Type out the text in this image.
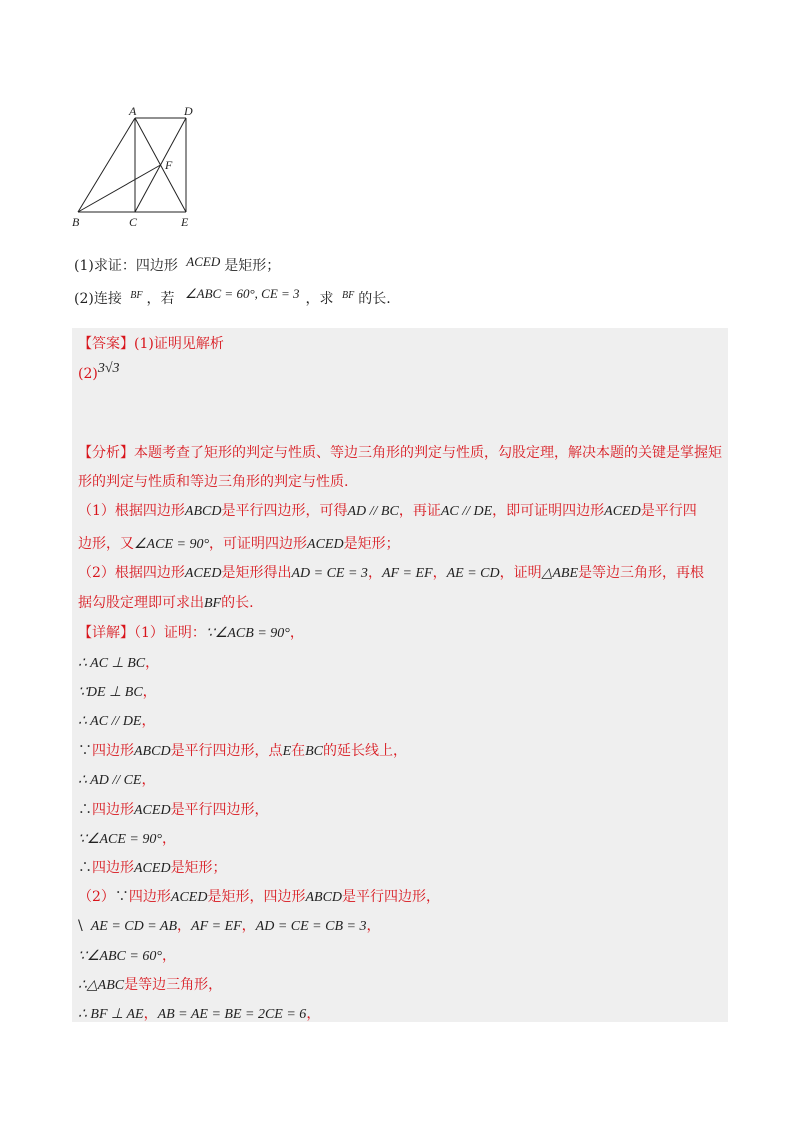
A	D
F
B	C	E
(1)求证：四边形 ACED 是矩形；
(2)连接 $^{BF}$ ，若 ∠ABC = 60°, CE = 3 ，求 $^{BF}$ 的长.
【答案】(1)证明见解析
(2)3√3
【分析】本题考查了矩形的判定与性质、等边三角形的判定与性质，勾股定理，解决本题的关键是掌握矩
形的判定与性质和等边三角形的判定与性质.
（1）根据四边形ABCD是平行四边形，可得AD // BC，再证AC // DE，即可证明四边形ACED是平行四
边形，又∠ACE = 90°，可证明四边形ACED是矩形；
（2）根据四边形ACED是矩形得出AD = CE = 3，AF = EF，AE = CD，证明△ABE是等边三角形，再根
据勾股定理即可求出BF的长.
【详解】（1）证明：∵∠ACB = 90°，
∴ AC ⊥ BC，
∵DE ⊥ BC，
∴ AC // DE，
∵四边形ABCD是平行四边形，点E在BC的延长线上，
∴ AD // CE，
∴四边形ACED是平行四边形，
∵∠ACE = 90°，
∴四边形ACED是矩形；
（2）∵四边形ACED是矩形，四边形ABCD是平行四边形，
\ AE = CD = AB，AF = EF，AD = CE = CB = 3，
∵∠ABC = 60°，
∴△ABC是等边三角形，
∴ BF ⊥ AE，AB = AE = BE = 2CE = 6，
